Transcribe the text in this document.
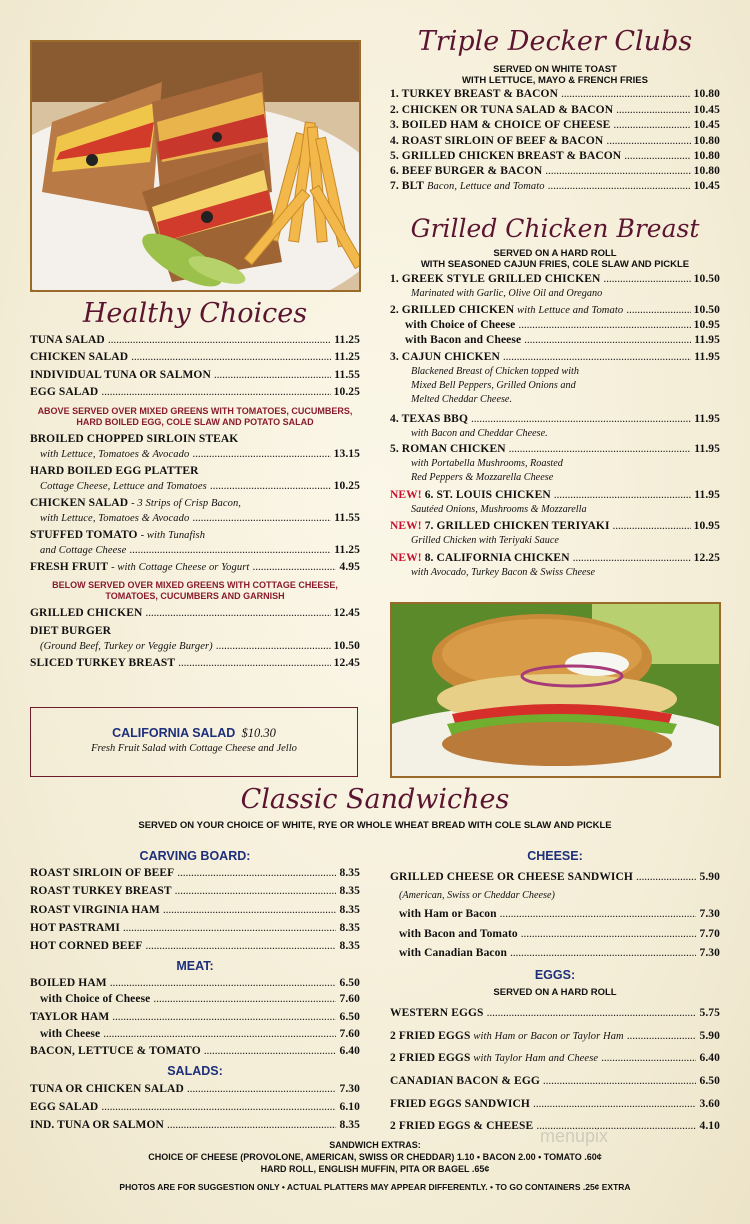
Triple Decker Clubs
SERVED ON WHITE TOAST
WITH LETTUCE, MAYO & FRENCH FRIES
1. TURKEY BREAST & BACON . . .	10.80
2. CHICKEN OR TUNA SALAD & BACON . . .	10.45
3. BOILED HAM & CHOICE OF CHEESE . . .	10.45
4. ROAST SIRLOIN OF BEEF & BACON . . .	10.80
5. GRILLED CHICKEN BREAST & BACON . . .	10.80
6. BEEF BURGER & BACON . . .	10.80
7. BLT
Bacon, Lettuce and Tomato . . .	10.45
Grilled Chicken Breast
SERVED ON A HARD ROLL
WITH SEASONED CAJUN FRIES, COLE SLAW AND PICKLE
1. GREEK STYLE GRILLED CHICKEN . . .	10.50
Marinated with Garlic, Olive Oil and Oregano
2. GRILLED CHICKEN
with Lettuce and Tomato . . .	10.50
with Choice of Cheese . . .	10.95
with Bacon and Cheese . . .	11.95
3. CAJUN CHICKEN . . .	11.95
Blackened Breast of Chicken topped with
Mixed Bell Peppers, Grilled Onions and
Melted Cheddar Cheese.
4. TEXAS BBQ . . .	11.95
with Bacon and Cheddar Cheese.
5. ROMAN CHICKEN . . .	11.95
with Portabella Mushrooms, Roasted
Red Peppers & Mozzarella Cheese
NEW!
6. ST. LOUIS CHICKEN . . .	11.95
Sautéed Onions, Mushrooms & Mozzarella
NEW!
7. GRILLED CHICKEN TERIYAKI . . .	10.95
Grilled Chicken with Teriyaki Sauce
NEW!
8. CALIFORNIA CHICKEN . . .	12.25
with Avocado, Turkey Bacon & Swiss Cheese
Healthy Choices
TUNA SALAD . . .	11.25
CHICKEN SALAD . . .	11.25
INDIVIDUAL TUNA OR SALMON . . .	11.55
EGG SALAD . . .	10.25
ABOVE SERVED OVER MIXED GREENS WITH TOMATOES, CUCUMBERS,
HARD BOILED EGG, COLE SLAW AND POTATO SALAD
BROILED CHOPPED SIRLOIN STEAK
with Lettuce, Tomatoes & Avocado . . .	13.15
HARD BOILED EGG PLATTER
Cottage Cheese, Lettuce and Tomatoes . . .	10.25
CHICKEN SALAD
- 3 Strips of Crisp Bacon,
with Lettuce, Tomatoes & Avocado . . .	11.55
STUFFED TOMATO
- with Tunafish
and Cottage Cheese . . .	11.25
FRESH FRUIT
- with Cottage Cheese or Yogurt . . .	4.95
BELOW SERVED OVER MIXED GREENS WITH COTTAGE CHEESE,
TOMATOES, CUCUMBERS AND GARNISH
GRILLED CHICKEN . . .	12.45
DIET BURGER
(Ground Beef, Turkey or Veggie Burger) . . .	10.50
SLICED TURKEY BREAST . . .	12.45
CALIFORNIA SALAD $10.30
Fresh Fruit Salad with Cottage Cheese and Jello
Classic Sandwiches
SERVED ON YOUR CHOICE OF WHITE, RYE OR WHOLE WHEAT BREAD WITH COLE SLAW AND PICKLE
CARVING BOARD:
ROAST SIRLOIN OF BEEF . . .	8.35
ROAST TURKEY BREAST . . .	8.35
ROAST VIRGINIA HAM . . .	8.35
HOT PASTRAMI . . .	8.35
HOT CORNED BEEF . . .	8.35
MEAT:
BOILED HAM . . .	6.50
with Choice of Cheese . . .	7.60
TAYLOR HAM . . .	6.50
with Cheese . . .	7.60
BACON, LETTUCE & TOMATO . . .	6.40
SALADS:
TUNA OR CHICKEN SALAD . . .	7.30
EGG SALAD . . .	6.10
IND. TUNA OR SALMON . . .	8.35
CHEESE:
GRILLED CHEESE OR CHEESE SANDWICH . . .	5.90
(American, Swiss or Cheddar Cheese)
with Ham or Bacon . . .	7.30
with Bacon and Tomato . . .	7.70
with Canadian Bacon . . .	7.30
EGGS:
SERVED ON A HARD ROLL
WESTERN EGGS . . .	5.75
2 FRIED EGGS
with Ham or Bacon or Taylor Ham . . .	5.90
2 FRIED EGGS
with Taylor Ham and Cheese . . .	6.40
CANADIAN BACON & EGG . . .	6.50
FRIED EGGS SANDWICH . . .	3.60
2 FRIED EGGS & CHEESE . . .	4.10
menupix
SANDWICH EXTRAS:
CHOICE OF CHEESE (PROVOLONE, AMERICAN, SWISS OR CHEDDAR) 1.10 • BACON 2.00 • TOMATO .60¢
HARD ROLL, ENGLISH MUFFIN, PITA OR BAGEL .65¢
PHOTOS ARE FOR SUGGESTION ONLY • ACTUAL PLATTERS MAY APPEAR DIFFERENTLY. • TO GO CONTAINERS .25¢ EXTRA
